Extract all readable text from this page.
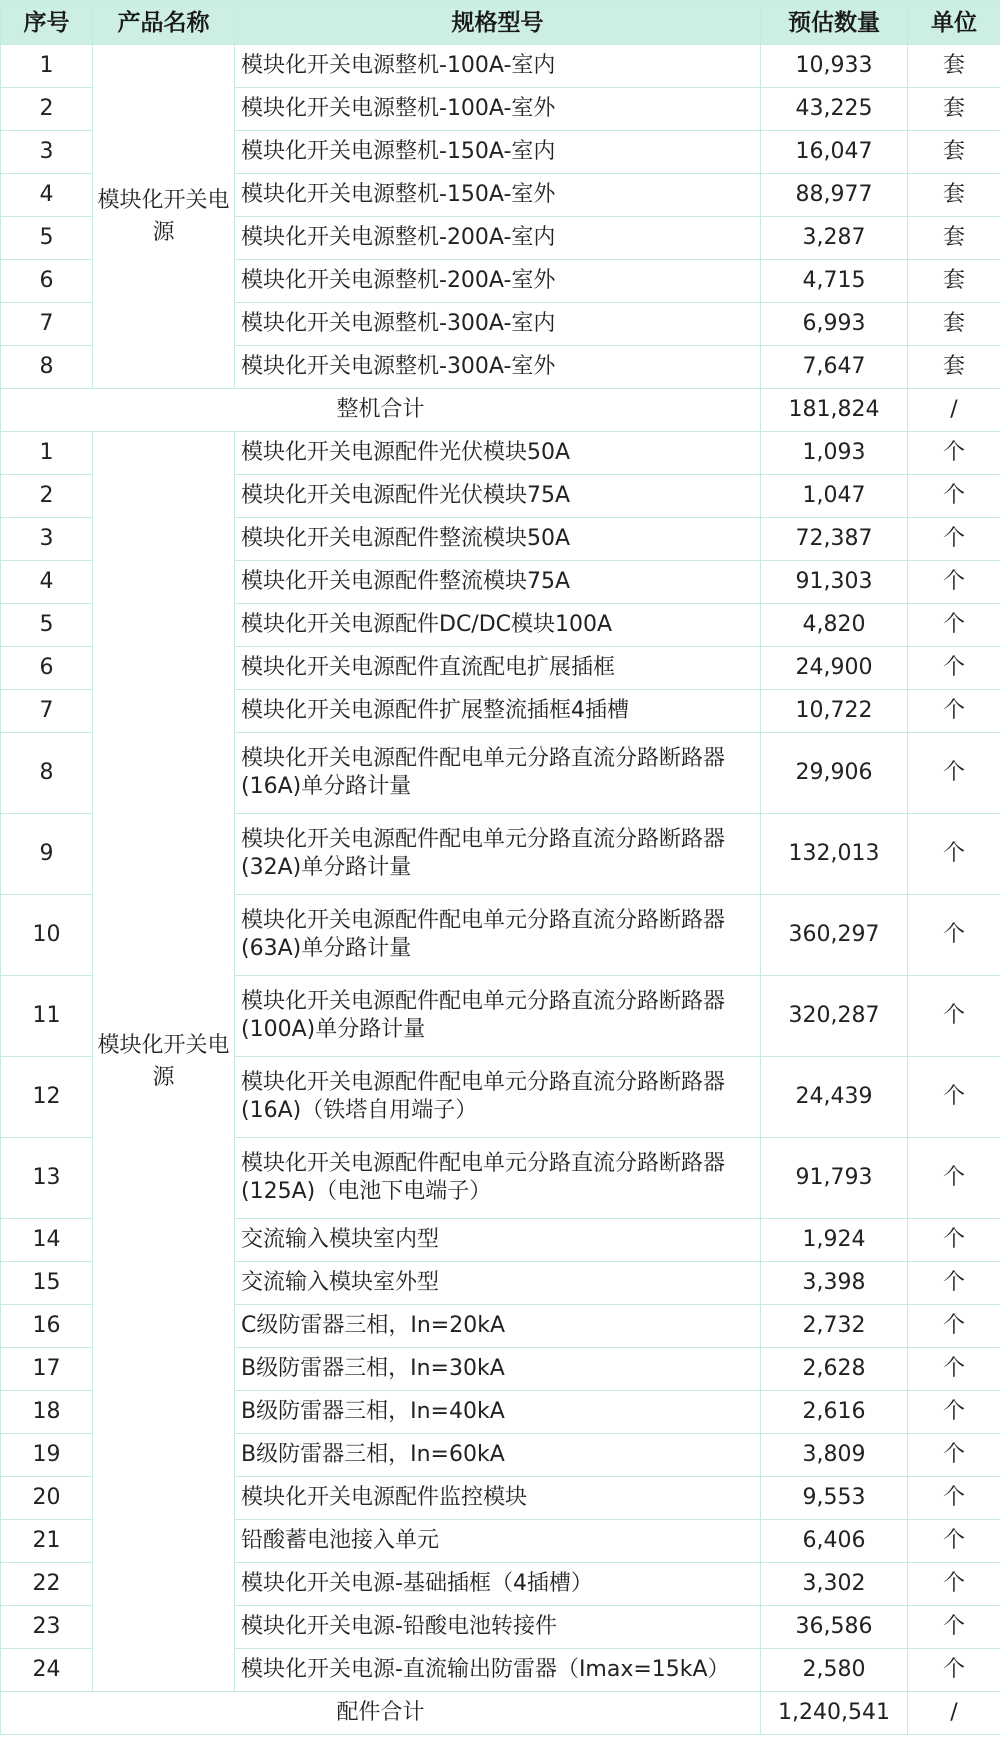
序号	产品名称	规格型号	预估数量	单位
1	模块化开关电源	模块化开关电源整机-100A-室内	10,933	套
2		模块化开关电源整机-100A-室外	43,225	套
3		模块化开关电源整机-150A-室内	16,047	套
4		模块化开关电源整机-150A-室外	88,977	套
5		模块化开关电源整机-200A-室内	3,287	套
6		模块化开关电源整机-200A-室外	4,715	套
7		模块化开关电源整机-300A-室内	6,993	套
8		模块化开关电源整机-300A-室外	7,647	套
整机合计			181,824	/
1	模块化开关电源	模块化开关电源配件光伏模块50A	1,093	个
2		模块化开关电源配件光伏模块75A	1,047	个
3		模块化开关电源配件整流模块50A	72,387	个
4		模块化开关电源配件整流模块75A	91,303	个
5		模块化开关电源配件DC/DC模块100A	4,820	个
6		模块化开关电源配件直流配电扩展插框	24,900	个
7		模块化开关电源配件扩展整流插框4插槽	10,722	个
8		模块化开关电源配件配电单元分路直流分路断路器(16A)单分路计量	29,906	个
9		模块化开关电源配件配电单元分路直流分路断路器(32A)单分路计量	132,013	个
10		模块化开关电源配件配电单元分路直流分路断路器(63A)单分路计量	360,297	个
11		模块化开关电源配件配电单元分路直流分路断路器(100A)单分路计量	320,287	个
12		模块化开关电源配件配电单元分路直流分路断路器(16A)（铁塔自用端子）	24,439	个
13		模块化开关电源配件配电单元分路直流分路断路器(125A)（电池下电端子）	91,793	个
14		交流输入模块室内型	1,924	个
15		交流输入模块室外型	3,398	个
16		C级防雷器三相，In=20kA	2,732	个
17		B级防雷器三相，In=30kA	2,628	个
18		B级防雷器三相，In=40kA	2,616	个
19		B级防雷器三相，In=60kA	3,809	个
20		模块化开关电源配件监控模块	9,553	个
21		铅酸蓄电池接入单元	6,406	个
22		模块化开关电源-基础插框（4插槽）	3,302	个
23		模块化开关电源-铅酸电池转接件	36,586	个
24		模块化开关电源-直流输出防雷器（Imax=15kA）	2,580	个
配件合计			1,240,541	/
